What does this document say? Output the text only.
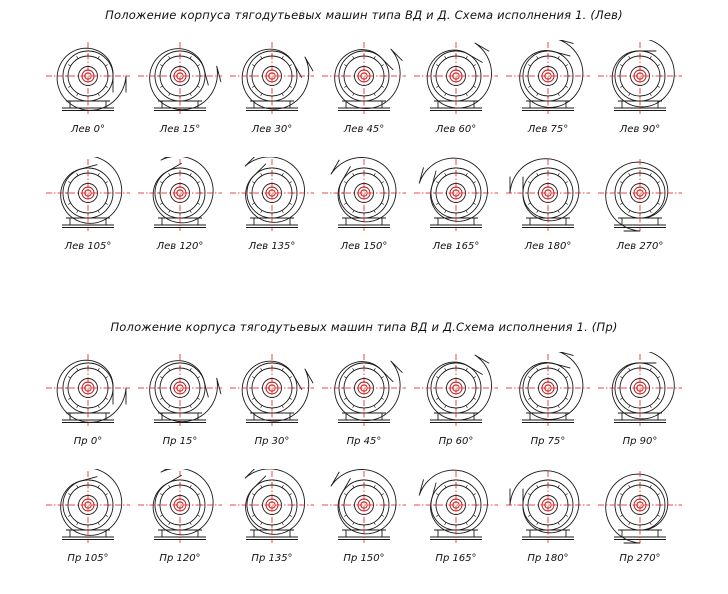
Положение корпуса тягодутьевых машин типа ВД и Д. Схема исполнения 1. (Лев)
Лев 0°	Лев 15°	Лев 30°	Лев 45°	Лев 60°	Лев 75°	Лев 90°
Лев 105°	Лев 120°	Лев 135°	Лев 150°	Лев 165°	Лев 180°	Лев 270°
Положение корпуса тягодутьевых машин типа ВД и Д.Схема исполнения 1. (Пр)
Пр 0°	Пр 15°	Пр 30°	Пр 45°	Пр 60°	Пр 75°	Пр 90°
Пр 105°	Пр 120°	Пр 135°	Пр 150°	Пр 165°	Пр 180°	Пр 270°
